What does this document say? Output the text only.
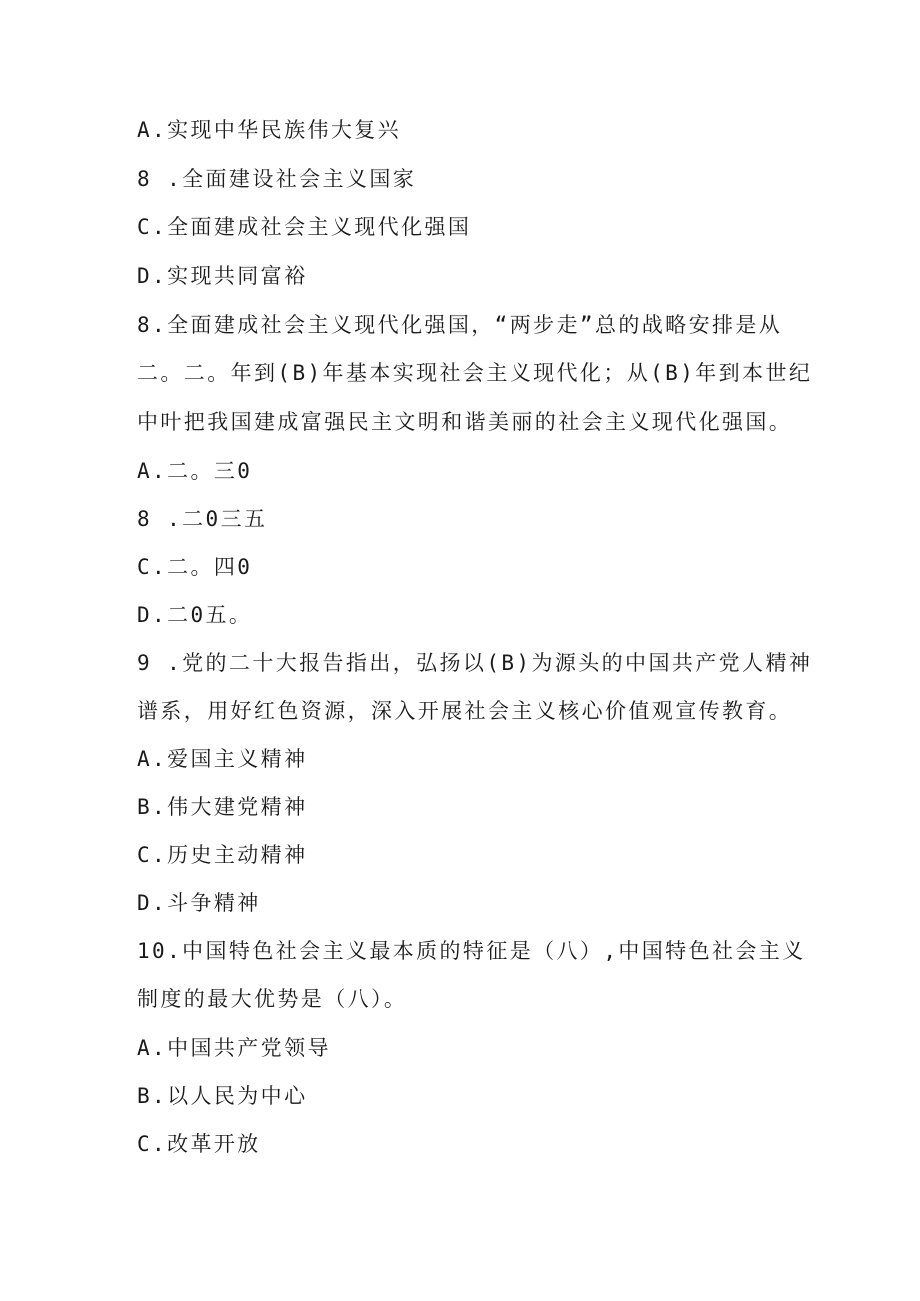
A.实现中华民族伟大复兴
8 .全面建设社会主义国家
C.全面建成社会主义现代化强国
D.实现共同富裕
8.全面建成社会主义现代化强国，“两步走”总的战略安排是从
二。二。年到(B)年基本实现社会主义现代化；从(B)年到本世纪
中叶把我国建成富强民主文明和谐美丽的社会主义现代化强国。
A.二。三0
8 .二0三五
C.二。四0
D.二0五。
9 .党的二十大报告指出，弘扬以(B)为源头的中国共产党人精神
谱系，用好红色资源，深入开展社会主义核心价值观宣传教育。
A.爱国主义精神
B.伟大建党精神
C.历史主动精神
D.斗争精神
10.中国特色社会主义最本质的特征是（八）,中国特色社会主义
制度的最大优势是（八）。
A.中国共产党领导
B.以人民为中心
C.改革开放
